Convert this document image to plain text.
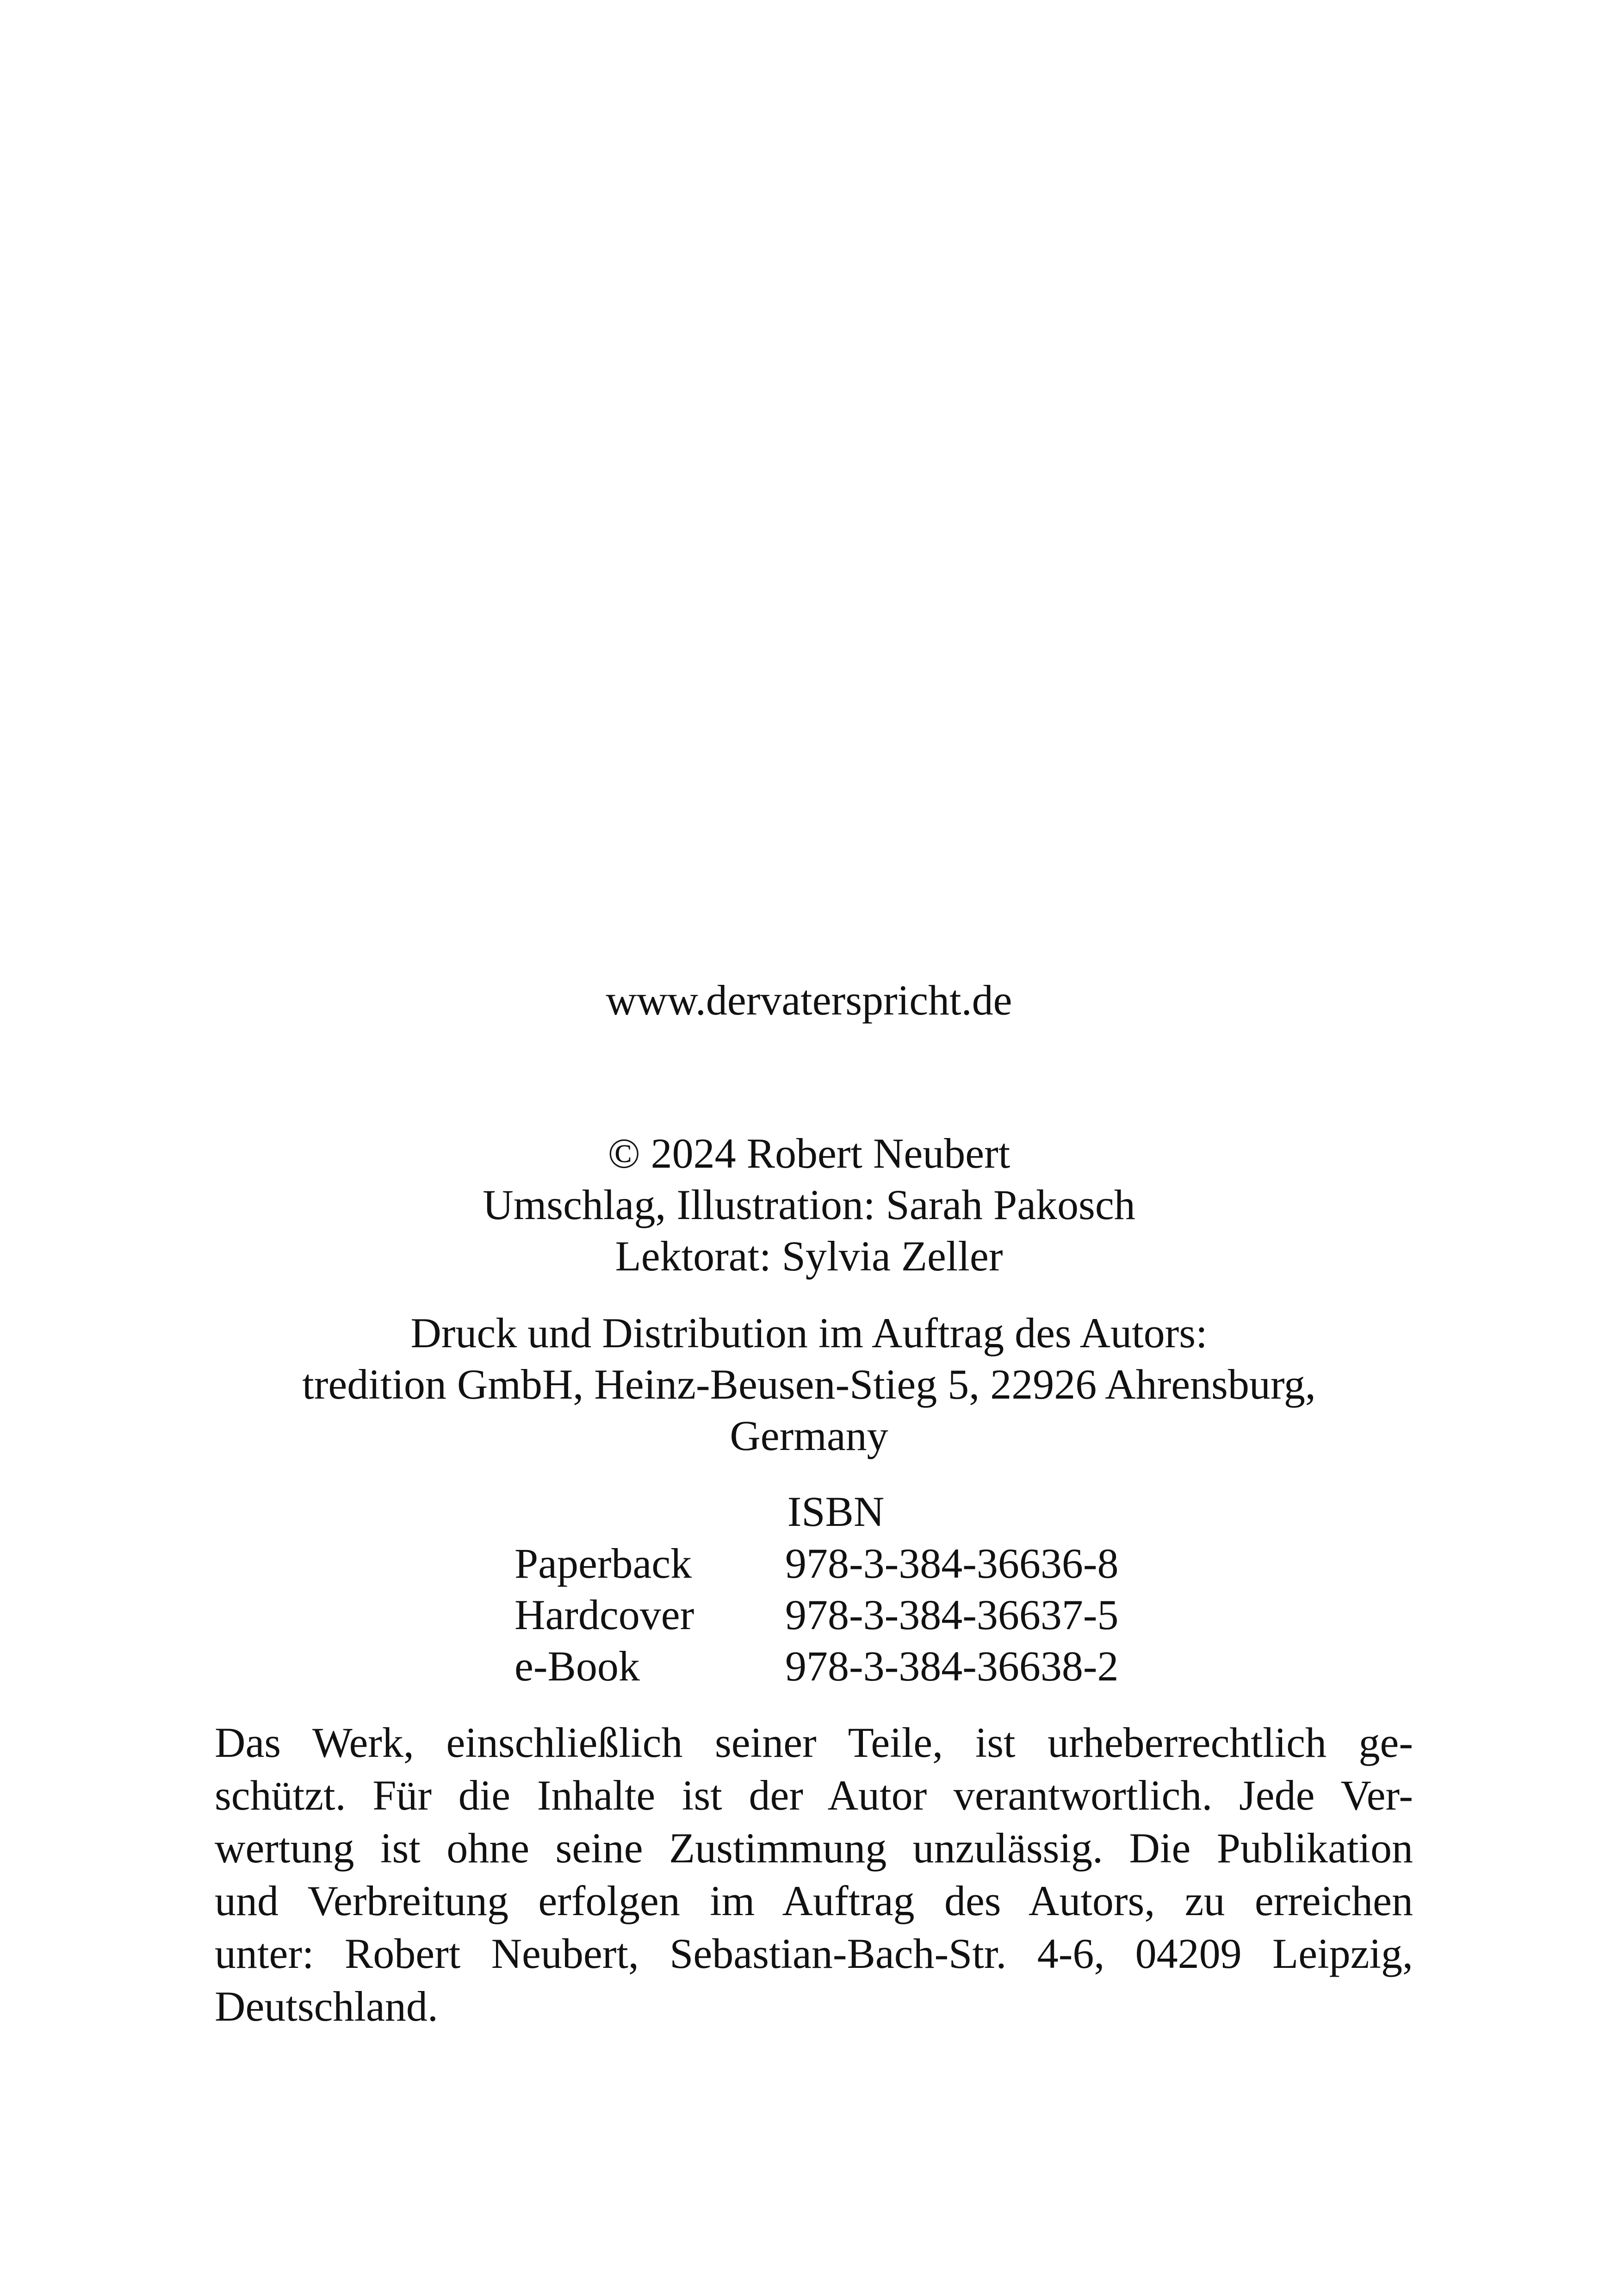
www.dervaterspricht.de
© 2024 Robert Neubert
Umschlag, Illustration: Sarah Pakosch
Lektorat: Sylvia Zeller
Druck und Distribution im Auftrag des Autors:
tredition GmbH, Heinz-Beusen-Stieg 5, 22926 Ahrensburg,
Germany
ISBN
Paperback 978-3-384-36636-8
Hardcover 978-3-384-36637-5
e-Book	978-3-384-36638-2
Das Werk, einschließlich seiner Teile, ist urheberrechtlich ge-
schützt. Für die Inhalte ist der Autor verantwortlich. Jede Ver-
wertung ist ohne seine Zustimmung unzulässig. Die Publikation
und Verbreitung erfolgen im Auftrag des Autors, zu erreichen
unter: Robert Neubert, Sebastian-Bach-Str. 4-6, 04209 Leipzig,
Deutschland.
